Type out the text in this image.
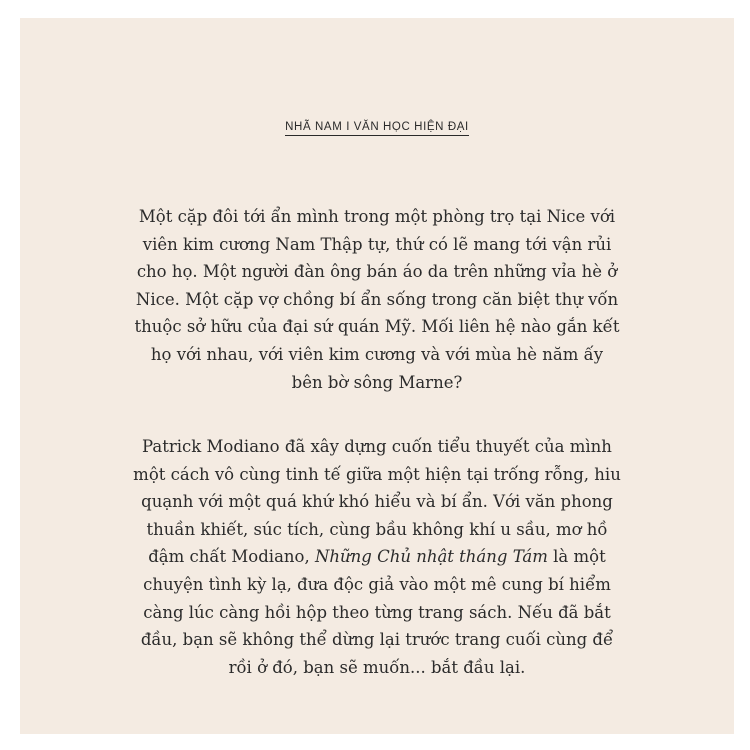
NHÃ NAM I VĂN HỌC HIỆN ĐẠI
Một cặp đôi tới ẩn mình trong một phòng trọ tại Nice với
viên kim cương Nam Thập tự, thứ có lẽ mang tới vận rủi
cho họ. Một người đàn ông bán áo da trên những vỉa hè ở
Nice. Một cặp vợ chồng bí ẩn sống trong căn biệt thự vốn
thuộc sở hữu của đại sứ quán Mỹ. Mối liên hệ nào gắn kết
họ với nhau, với viên kim cương và với mùa hè năm ấy
bên bờ sông Marne?
Patrick Modiano đã xây dựng cuốn tiểu thuyết của mình
một cách vô cùng tinh tế giữa một hiện tại trống rỗng, hiu
quạnh với một quá khứ khó hiểu và bí ẩn. Với văn phong
thuần khiết, súc tích, cùng bầu không khí u sầu, mơ hồ
đậm chất Modiano, Những Chủ nhật tháng Tám là một
chuyện tình kỳ lạ, đưa độc giả vào một mê cung bí hiểm
càng lúc càng hồi hộp theo từng trang sách. Nếu đã bắt
đầu, bạn sẽ không thể dừng lại trước trang cuối cùng để
rồi ở đó, bạn sẽ muốn... bắt đầu lại.
